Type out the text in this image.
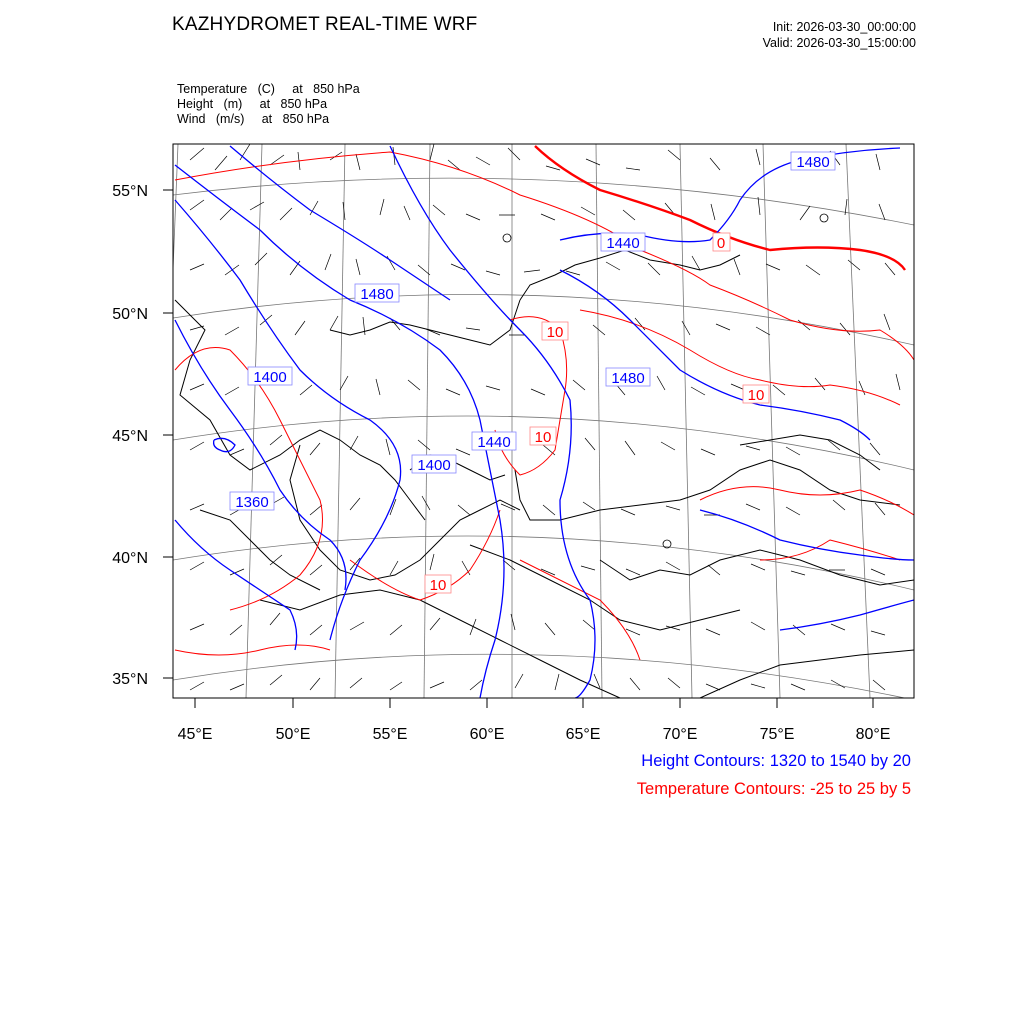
KAZHYDROMET REAL-TIME WRF	Init: 2026-03-30_00:00:00
Valid: 2026-03-30_15:00:00
Temperature   (C)     at   850 hPa
Height   (m)     at   850 hPa
Wind   (m/s)     at   850 hPa
55°N
50°N
45°N
40°N
35°N
45°E	50°E	55°E	60°E	65°E	70°E	75°E	80°E
1480
1440
1480
1480
1400
1440
1400
1360
0
10
10
10
10
Height Contours: 1320 to 1540 by 20
Temperature Contours: -25 to 25 by 5
